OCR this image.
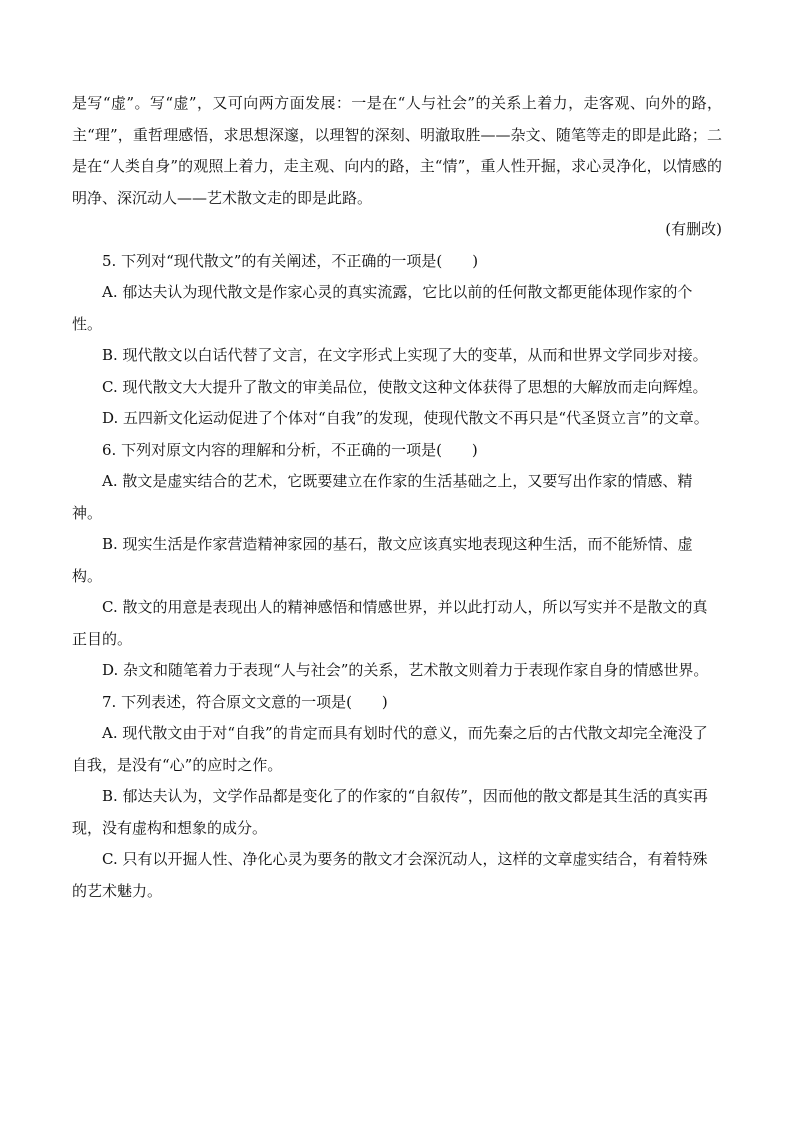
是写“虚”。写“虚”，又可向两方面发展：一是在“人与社会”的关系上着力，走客观、向外的路，主“理”，重哲理感悟，求思想深邃，以理智的深刻、明澈取胜——杂文、随笔等走的即是此路；二是在“人类自身”的观照上着力，走主观、向内的路，主“情”，重人性开掘，求心灵净化，以情感的明净、深沉动人——艺术散文走的即是此路。

(有删改)

5. 下列对“现代散文”的有关阐述，不正确的一项是(　　)

A. 郁达夫认为现代散文是作家心灵的真实流露，它比以前的任何散文都更能体现作家的个性。

B. 现代散文以白话代替了文言，在文字形式上实现了大的变革，从而和世界文学同步对接。

C. 现代散文大大提升了散文的审美品位，使散文这种文体获得了思想的大解放而走向辉煌。

D. 五四新文化运动促进了个体对“自我”的发现，使现代散文不再只是“代圣贤立言”的文章。

6. 下列对原文内容的理解和分析，不正确的一项是(　　)

A. 散文是虚实结合的艺术，它既要建立在作家的生活基础之上，又要写出作家的情感、精神。

B. 现实生活是作家营造精神家园的基石，散文应该真实地表现这种生活，而不能矫情、虚构。

C. 散文的用意是表现出人的精神感悟和情感世界，并以此打动人，所以写实并不是散文的真正目的。

D. 杂文和随笔着力于表现“人与社会”的关系，艺术散文则着力于表现作家自身的情感世界。

7. 下列表述，符合原文文意的一项是(　　)

A. 现代散文由于对“自我”的肯定而具有划时代的意义，而先秦之后的古代散文却完全淹没了自我，是没有“心”的应时之作。

B. 郁达夫认为，文学作品都是变化了的作家的“自叙传”，因而他的散文都是其生活的真实再现，没有虚构和想象的成分。

C. 只有以开掘人性、净化心灵为要务的散文才会深沉动人，这样的文章虚实结合，有着特殊的艺术魅力。
